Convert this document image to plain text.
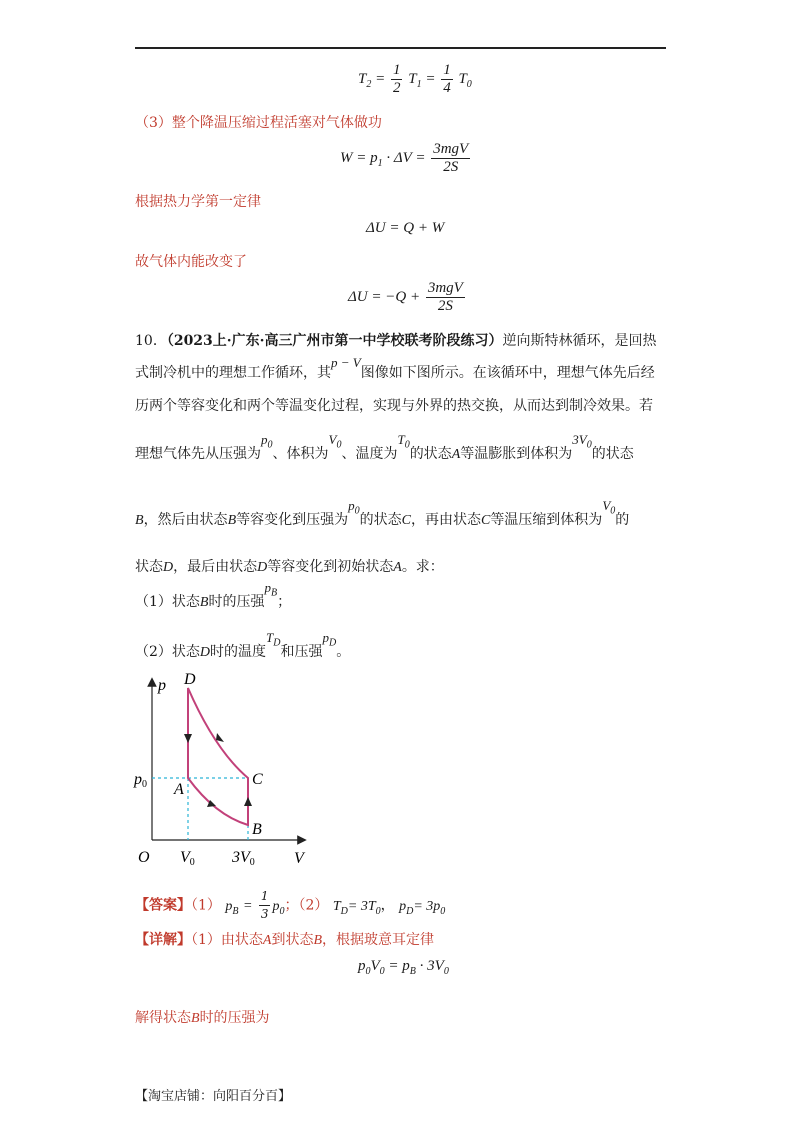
$T_2 = \frac{1}{2} T_1 = \frac{1}{4} T_0$
（3）整个降温压缩过程活塞对气体做功
$W = p_1 \cdot \Delta V = \frac{\text{3mgV}}{2S}$
根据热力学第一定律
ΔU = Q + W
故气体内能改变了
$\Delta U = -Q + \frac{\text{3mgV}}{2S}$
10．（2023上·广东·高三广州市第一中学校联考阶段练习）逆向斯特林循环，是回热
式制冷机中的理想工作循环，其p − V图像如下图所示。在该循环中，理想气体先后经
历两个等容变化和两个等温变化过程，实现与外界的热交换，从而达到制冷效果。若
理想气体先从压强为$p_0$、体积为$V_0$、温度为$T_0$的状态A等温膨胀到体积为$3V_0$的状态
B，然后由状态B等容变化到压强为$p_0$的状态C，再由状态C等温压缩到体积为$V_0$的
状态D，最后由状态D等容变化到初始状态A。求：
（1）状态B时的压强$p_B$；
（2）状态D时的温度$T_D$和压强$p_D$。
p
V
O
p0
V0 3V0
A
B
C
D
【答案】（1） $p_B = \frac{1}{3} p_0$；（2） $T_D= 3T_0$， $p_D= 3p_0$
【详解】（1）由状态A到状态B，根据玻意耳定律
$p_0V_0 = p_B \cdot 3V_0$
解得状态B时的压强为
【淘宝店铺：向阳百分百】
